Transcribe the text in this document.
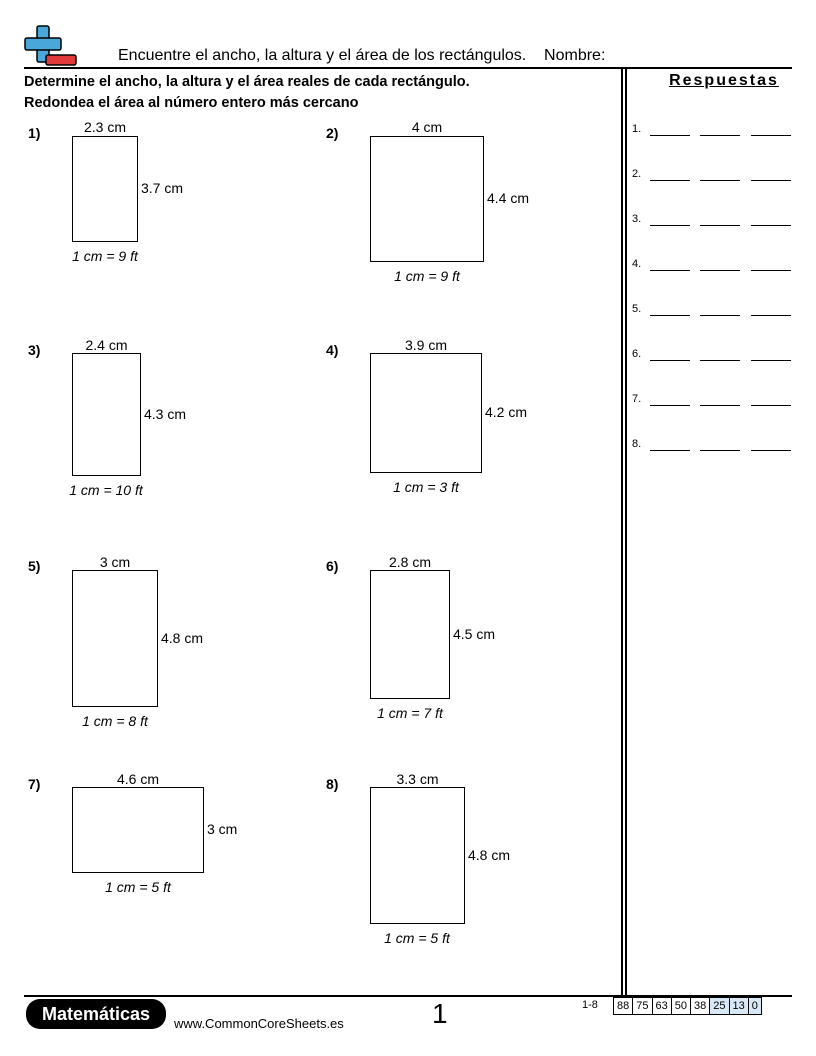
Encuentre el ancho, la altura y el área de los rectángulos.    Nombre:
Determine el ancho, la altura y el área reales de cada rectángulo.
Redondea el área al número entero más cercano
Respuestas
1.
2.
3.
4.
5.
6.
7.
8.
1)	2.3 cm
3.7 cm
1 cm = 9 ft
2)	4 cm
4.4 cm
1 cm = 9 ft
3)	2.4 cm
4.3 cm
1 cm = 10 ft
4)	3.9 cm
4.2 cm
1 cm = 3 ft
5)	3 cm
4.8 cm
1 cm = 8 ft
6)	2.8 cm
4.5 cm
1 cm = 7 ft
7)	4.6 cm
3 cm
1 cm = 5 ft
8)	3.3 cm
4.8 cm
1 cm = 5 ft
Matemáticas	www.CommonCoreSheets.es	1	1-8 88	75	63	50	38	25	13	0
